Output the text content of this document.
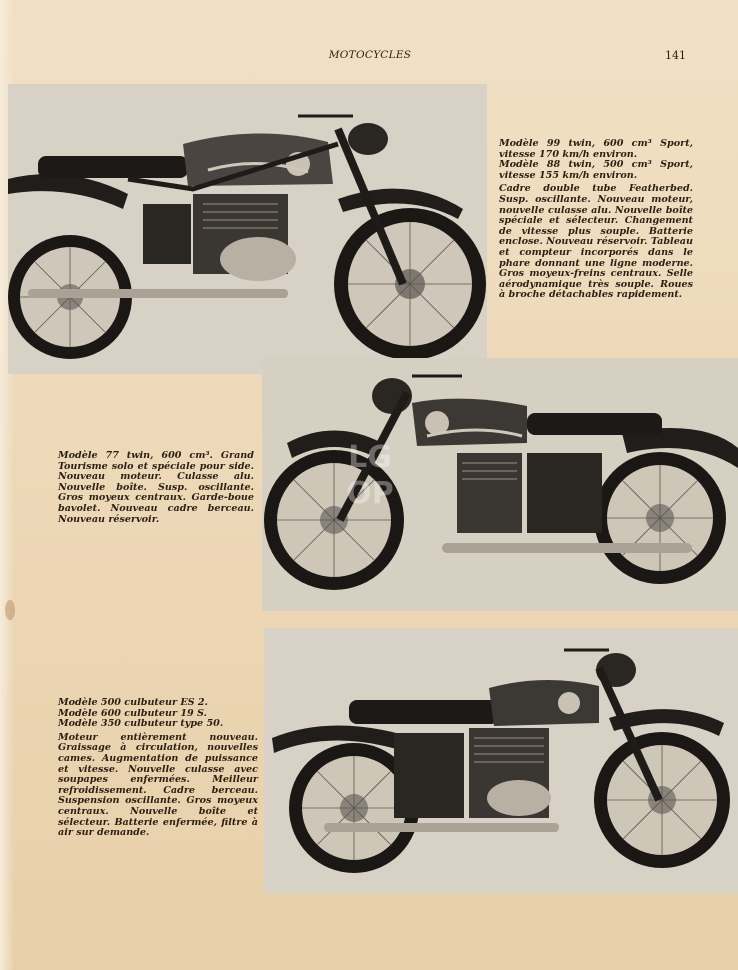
MOTOCYCLES	141
LG OP

Modèle 99 twin, 600 cm³ Sport, vitesse 170 km/h environ.
Modèle 88 twin, 500 cm³ Sport, vitesse 155 km/h environ.

Cadre double tube Featherbed. Susp. oscillante. Nouveau moteur, nouvelle culasse alu. Nouvelle boîte spéciale et sélecteur. Changement de vitesse plus souple. Batterie enclose. Nouveau réservoir. Tableau et compteur incorporés dans le phare donnant une ligne moderne. Gros moyeux-freins centraux. Selle aérodynamique très souple. Roues à broche détachables rapidement.

Modèle 77 twin, 600 cm³. Grand Tourisme solo et spéciale pour side. Nouveau moteur. Culasse alu. Nouvelle boîte. Susp. oscillante. Gros moyeux centraux. Garde-boue bavolet. Nouveau cadre berceau. Nouveau réservoir.

Modèle 500 culbuteur ES 2.
Modèle 600 culbuteur 19 S.
Modèle 350 culbuteur type 50.

Moteur entièrement nouveau. Graissage à circulation, nouvelles cames. Augmentation de puissance et vitesse. Nouvelle culasse avec soupapes enfermées. Meilleur refroidissement. Cadre berceau. Suspension oscillante. Gros moyeux centraux. Nouvelle boîte et sélecteur. Batterie enfermée, filtre à air sur demande.
